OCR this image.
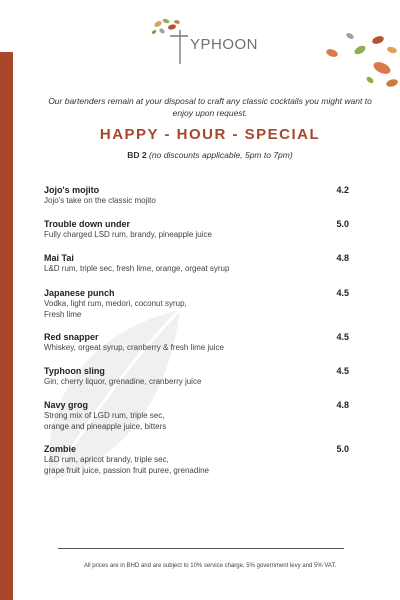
YPHOON
Our bartenders remain at your disposal to craft any classic cocktails you might want to enjoy upon request.
HAPPY - HOUR - SPECIAL
BD 2 (no discounts applicable, 5pm to 7pm)
Jojo's mojito
Jojo's take on the classic mojito
4.2
Trouble down under
Fully charged LSD rum, brandy, pineapple juice
5.0
Mai Tai
L&D rum, triple sec, fresh lime, orange, orgeat syrup
4.8
Japanese punch
Vodka, light rum, medori, coconut syrup,
Fresh lime
4.5
Red snapper
Whiskey, orgeat syrup, cranberry & fresh lime juice
4.5
Typhoon sling
Gin, cherry liquor, grenadine, cranberry juice
4.5
Navy grog
Strong mix of LGD rum, triple sec,
orange and pineapple juice, bitters
4.8
Zombie
L&D rum, apricot brandy, triple sec,
grape fruit juice, passion fruit puree, grenadine
5.0
All prices are in BHD and are subject to 10% service charge, 5% government levy and 5% VAT.
